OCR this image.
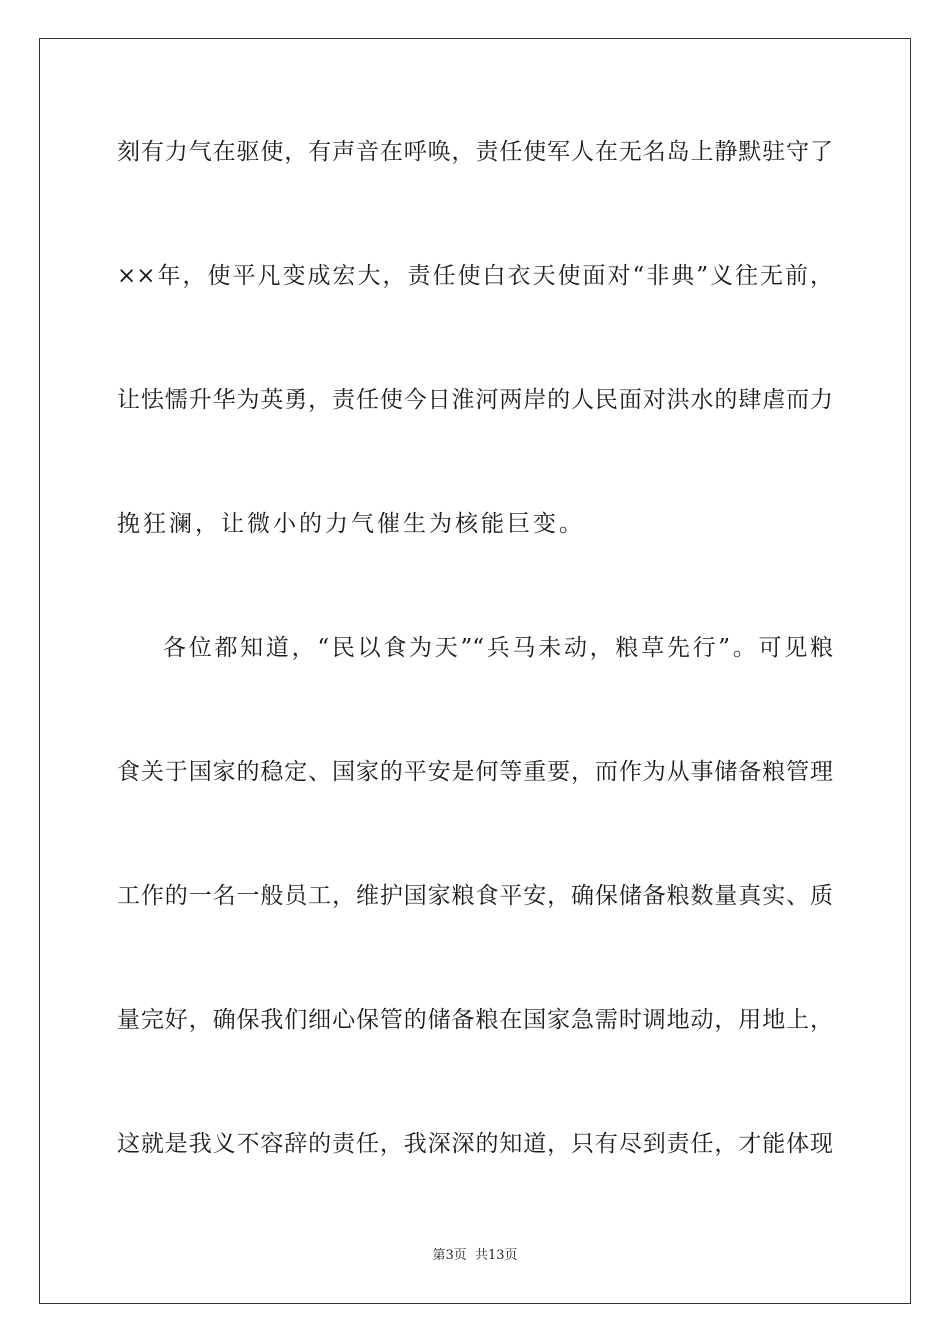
刻有力气在驱使，有声音在呼唤，责任使军人在无名岛上静默驻守了
××年，使平凡变成宏大，责任使白衣天使面对“非典”义往无前，
让怯懦升华为英勇，责任使今日淮河两岸的人民面对洪水的肆虐而力
挽狂澜，让微小的力气催生为核能巨变。
各位都知道，“民以食为天”“兵马未动，粮草先行”。可见粮
食关于国家的稳定、国家的平安是何等重要，而作为从事储备粮管理
工作的一名一般员工，维护国家粮食平安，确保储备粮数量真实、质
量完好，确保我们细心保管的储备粮在国家急需时调地动，用地上，
这就是我义不容辞的责任，我深深的知道，只有尽到责任，才能体现
第3页 共13页
